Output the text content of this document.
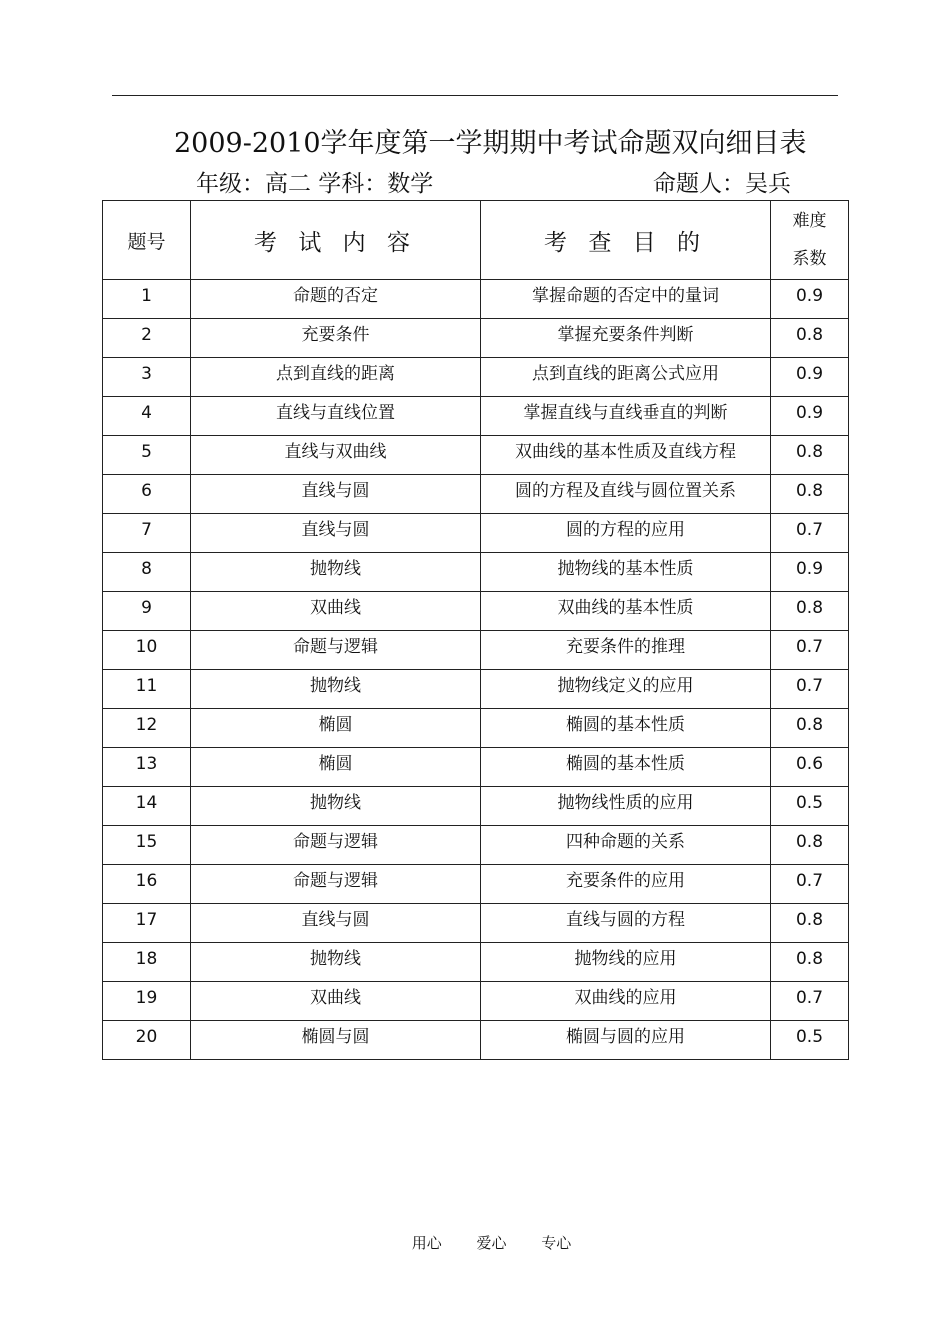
2009-2010学年度第一学期期中考试命题双向细目表
年级：高二 学科：数学	命题人：吴兵
题号	考 试 内 容	考 查 目 的	难度
系数
1	命题的否定	掌握命题的否定中的量词	0.9
2	充要条件	掌握充要条件判断	0.8
3	点到直线的距离	点到直线的距离公式应用	0.9
4	直线与直线位置	掌握直线与直线垂直的判断	0.9
5	直线与双曲线	双曲线的基本性质及直线方程	0.8
6	直线与圆	圆的方程及直线与圆位置关系	0.8
7	直线与圆	圆的方程的应用	0.7
8	抛物线	抛物线的基本性质	0.9
9	双曲线	双曲线的基本性质	0.8
10	命题与逻辑	充要条件的推理	0.7
11	抛物线	抛物线定义的应用	0.7
12	椭圆	椭圆的基本性质	0.8
13	椭圆	椭圆的基本性质	0.6
14	抛物线	抛物线性质的应用	0.5
15	命题与逻辑	四种命题的关系	0.8
16	命题与逻辑	充要条件的应用	0.7
17	直线与圆	直线与圆的方程	0.8
18	抛物线	抛物线的应用	0.8
19	双曲线	双曲线的应用	0.7
20	椭圆与圆	椭圆与圆的应用	0.5
用心 爱心 专心
